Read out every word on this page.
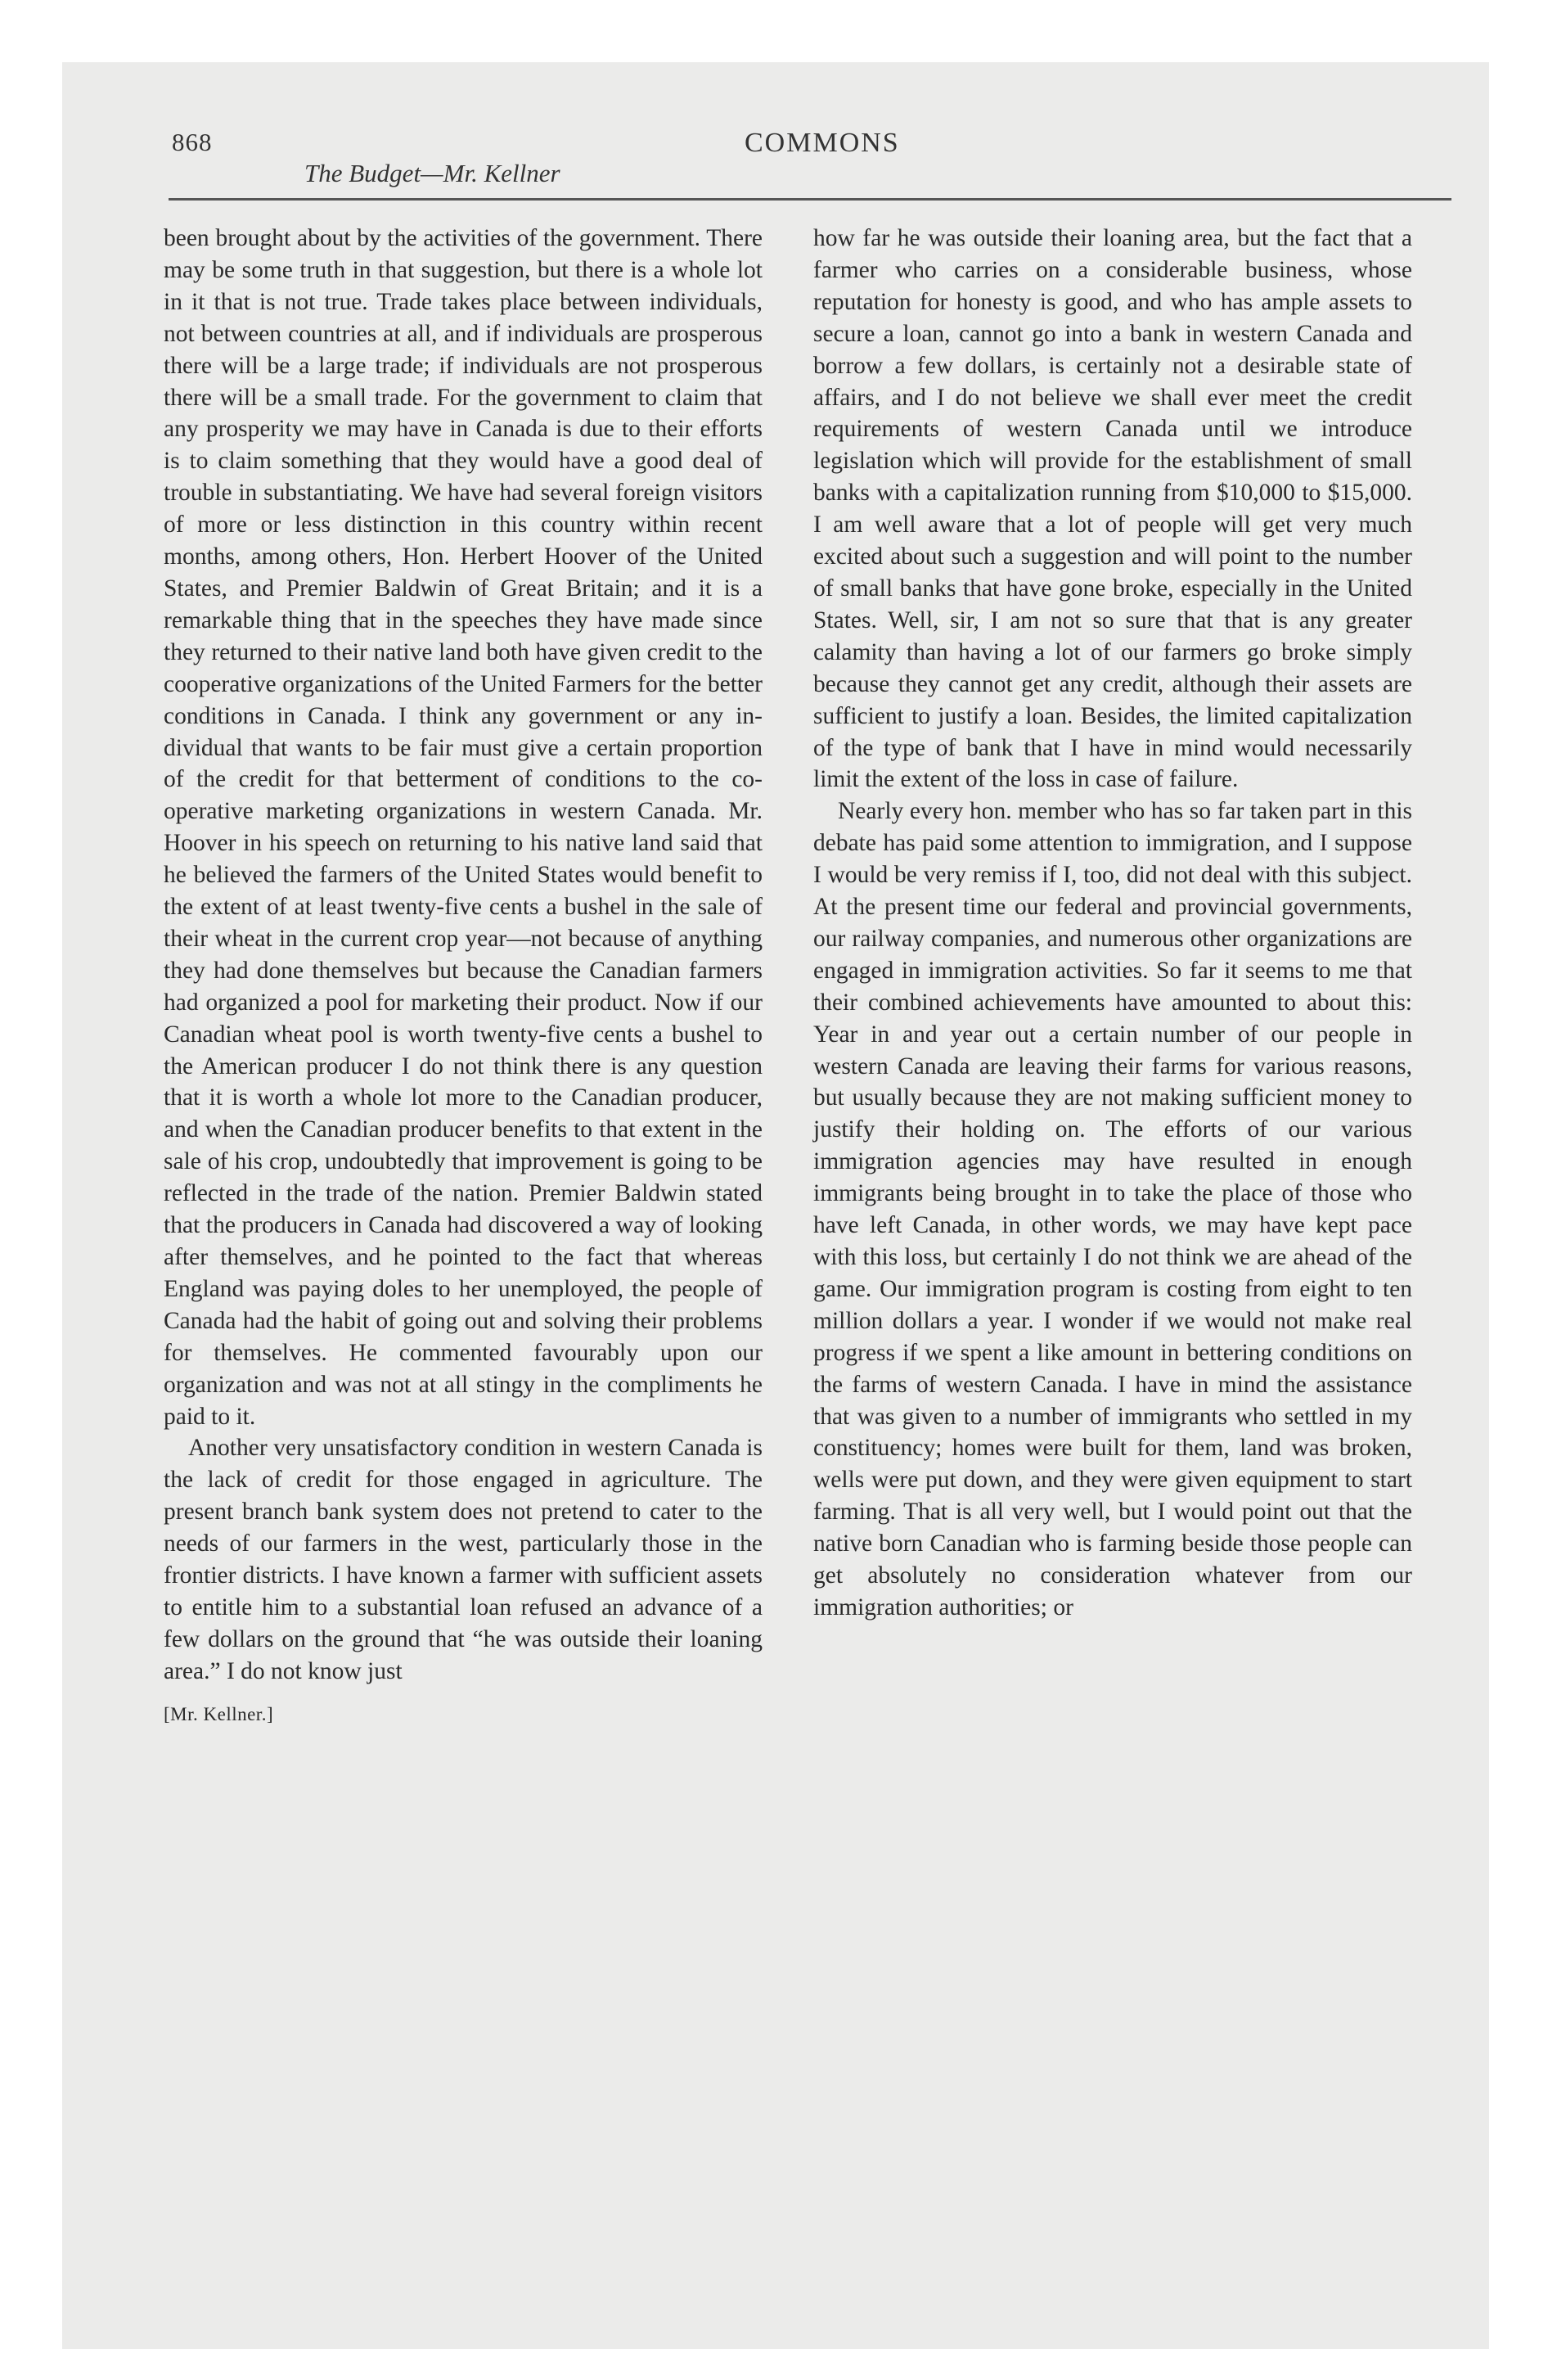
868	COMMONS
The Budget—Mr. Kellner

been brought about by the activities of the government. There may be some truth in that suggestion, but there is a whole lot in it that is not true. Trade takes place between individuals, not between countries at all, and if individuals are prosperous there will be a large trade; if individuals are not prosperous there will be a small trade. For the government to claim that any prosperity we may have in Canada is due to their efforts is to claim something that they would have a good deal of trouble in substantiating. We have had several foreign visitors of more or less distinction in this country within recent months, among others, Hon. Herbert Hoover of the United States, and Premier Baldwin of Great Britain; and it is a remarkable thing that in the speeches they have made since they returned to their native land both have given credit to the cooperative organizations of the United Farmers for the better conditions in Canada. I think any government or any individual that wants to be fair must give a certain proportion of the credit for that betterment of conditions to the co-operative marketing organizations in western Canada. Mr. Hoover in his speech on returning to his native land said that he believed the farmers of the United States would benefit to the extent of at least twenty-five cents a bushel in the sale of their wheat in the current crop year—not because of anything they had done themselves but because the Canadian farmers had organized a pool for marketing their product. Now if our Canadian wheat pool is worth twenty-five cents a bushel to the American producer I do not think there is any question that it is worth a whole lot more to the Canadian producer, and when the Canadian producer benefits to that extent in the sale of his crop, undoubtedly that improvement is going to be reflected in the trade of the nation. Premier Baldwin stated that the producers in Canada had discovered a way of looking after themselves, and he pointed to the fact that whereas England was paying doles to her unemployed, the people of Canada had the habit of going out and solving their problems for themselves. He commented favourably upon our organization and was not at all stingy in the compliments he paid to it.

Another very unsatisfactory condition in western Canada is the lack of credit for those engaged in agriculture. The present branch bank system does not pretend to cater to the needs of our farmers in the west, particularly those in the frontier districts. I have known a farmer with sufficient assets to entitle him to a substantial loan refused an advance of a few dollars on the ground that “he was outside their loaning area.” I do not know just

[Mr. Kellner.]

how far he was outside their loaning area, but the fact that a farmer who carries on a considerable business, whose reputation for honesty is good, and who has ample assets to secure a loan, cannot go into a bank in western Canada and borrow a few dollars, is certainly not a desirable state of affairs, and I do not believe we shall ever meet the credit requirements of western Canada until we introduce legislation which will provide for the establishment of small banks with a capitalization running from $10,000 to $15,000. I am well aware that a lot of people will get very much excited about such a suggestion and will point to the number of small banks that have gone broke, especially in the United States. Well, sir, I am not so sure that that is any greater calamity than having a lot of our farmers go broke simply because they cannot get any credit, although their assets are sufficient to justify a loan. Besides, the limited capitalization of the type of bank that I have in mind would necessarily limit the extent of the loss in case of failure.

Nearly every hon. member who has so far taken part in this debate has paid some attention to immigration, and I suppose I would be very remiss if I, too, did not deal with this subject. At the present time our federal and provincial governments, our railway companies, and numerous other organizations are engaged in immigration activities. So far it seems to me that their combined achievements have amounted to about this: Year in and year out a certain number of our people in western Canada are leaving their farms for various reasons, but usually because they are not making sufficient money to justify their holding on. The efforts of our various immigration agencies may have resulted in enough immigrants being brought in to take the place of those who have left Canada, in other words, we may have kept pace with this loss, but certainly I do not think we are ahead of the game. Our immigration program is costing from eight to ten million dollars a year. I wonder if we would not make real progress if we spent a like amount in bettering conditions on the farms of western Canada. I have in mind the assistance that was given to a number of immigrants who settled in my constituency; homes were built for them, land was broken, wells were put down, and they were given equipment to start farming. That is all very well, but I would point out that the native born Canadian who is farming beside those people can get absolutely no consideration whatever from our immigration authorities; or
